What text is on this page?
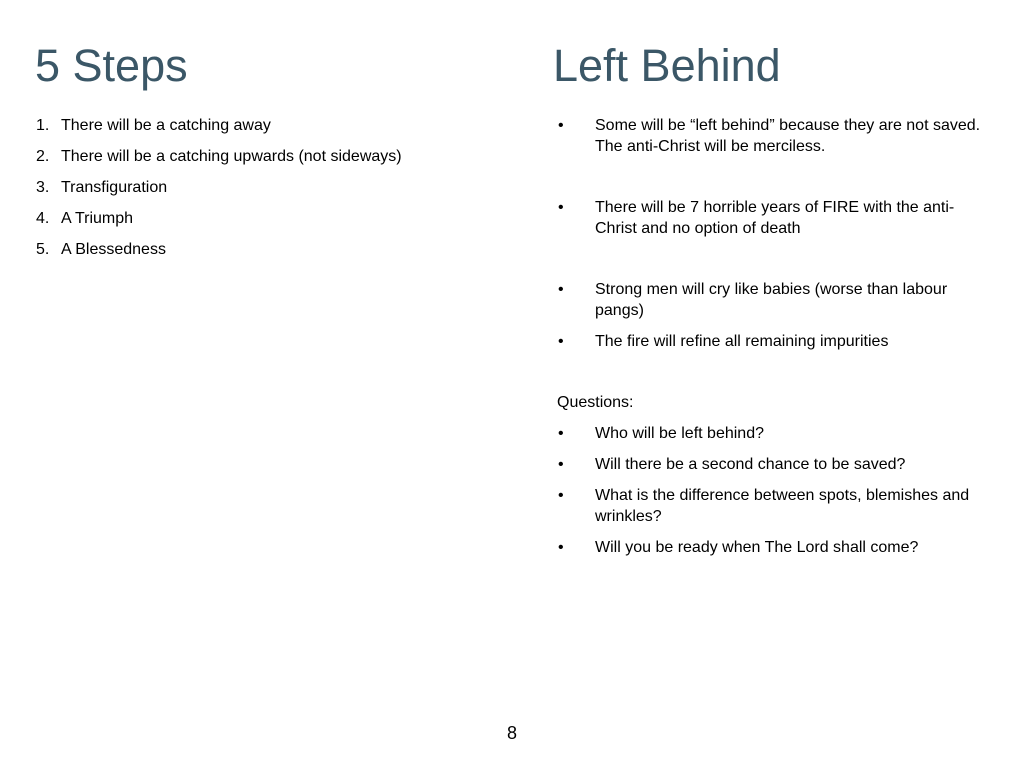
5 Steps	Left Behind
1. There will be a catching away
2. There will be a catching upwards (not sideways)
3. Transfiguration
4. A Triumph
5. A Blessedness
• Some will be “left behind” because they are not saved. The anti-Christ will be merciless.
• There will be 7 horrible years of FIRE with the anti-Christ and no option of death
• Strong men will cry like babies (worse than labour pangs)
• The fire will refine all remaining impurities
Questions:
• Who will be left behind?
• Will there be a second chance to be saved?
• What is the difference between spots, blemishes and wrinkles?
• Will you be ready when The Lord shall come?
8
